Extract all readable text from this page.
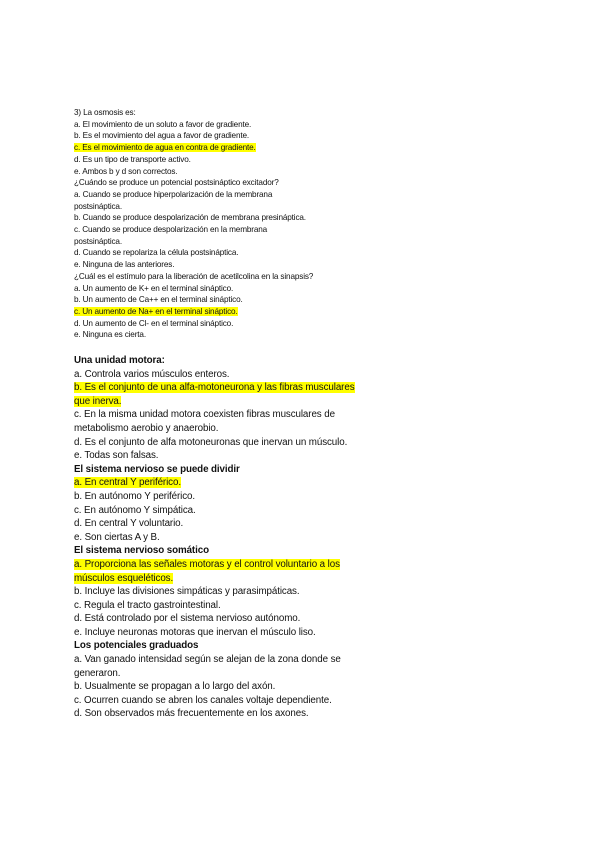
3) La osmosis es:
a. El movimiento de un soluto a favor de gradiente.
b. Es el movimiento del agua a favor de gradiente.
c. Es el movimiento de agua en contra de gradiente.
d. Es un tipo de transporte activo.
e. Ambos b y d son correctos.
¿Cuándo se produce un potencial postsináptico excitador?
a. Cuando se produce hiperpolarización de la membrana
postsináptica.
b. Cuando se produce despolarización de membrana presináptica.
c. Cuando se produce despolarización en la membrana
postsináptica.
d. Cuando se repolariza la célula postsináptica.
e. Ninguna de las anteriores.
¿Cuál es el estímulo para la liberación de acetilcolina en la sinapsis?
a. Un aumento de K+ en el terminal sináptico.
b. Un aumento de Ca++ en el terminal sináptico.
c. Un aumento de Na+ en el terminal sináptico.
d. Un aumento de Cl- en el terminal sináptico.
e. Ninguna es cierta.
Una unidad motora:
a. Controla varios músculos enteros.
b. Es el conjunto de una alfa-motoneurona y las fibras musculares
que inerva.
c. En la misma unidad motora coexisten fibras musculares de
metabolismo aerobio y anaerobio.
d. Es el conjunto de alfa motoneuronas que inervan un músculo.
e. Todas son falsas.
El sistema nervioso se puede dividir
a. En central Y periférico.
b. En autónomo Y periférico.
c. En autónomo Y simpática.
d. En central Y voluntario.
e. Son ciertas A y B.
El sistema nervioso somático
a. Proporciona las señales motoras y el control voluntario a los
músculos esqueléticos.
b. Incluye las divisiones simpáticas y parasimpáticas.
c. Regula el tracto gastrointestinal.
d. Está controlado por el sistema nervioso autónomo.
e. Incluye neuronas motoras que inervan el músculo liso.
Los potenciales graduados
a. Van ganado intensidad según se alejan de la zona donde se
generaron.
b. Usualmente se propagan a lo largo del axón.
c. Ocurren cuando se abren los canales voltaje dependiente.
d. Son observados más frecuentemente en los axones.
